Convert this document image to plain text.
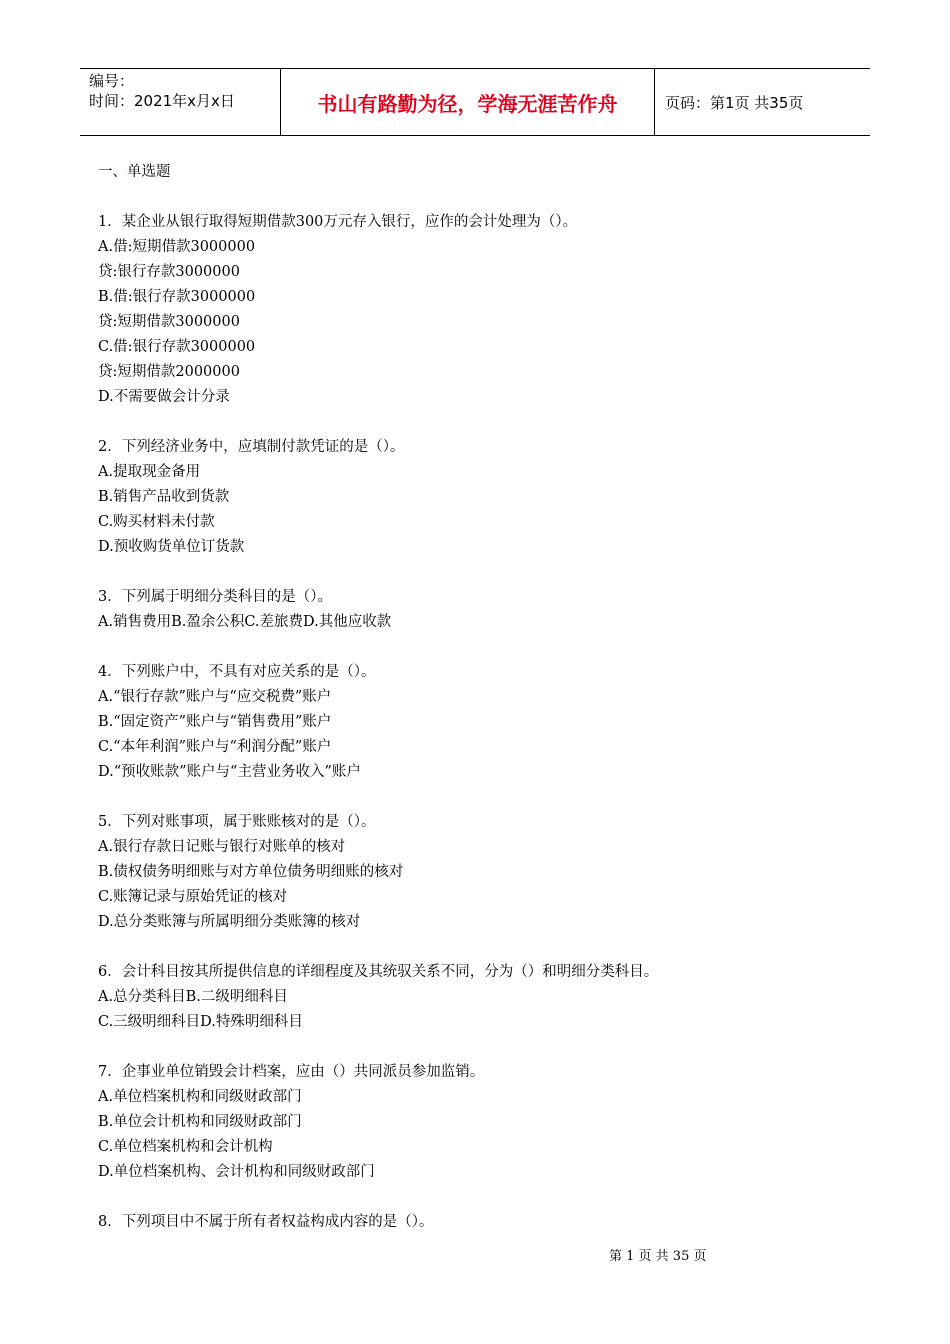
编号：
时间：2021年x月x日	书山有路勤为径，学海无涯苦作舟	页码：第1页 共35页
一、单选题
1．某企业从银行取得短期借款300万元存入银行，应作的会计处理为（）。
A.借:短期借款3000000
贷:银行存款3000000
B.借:银行存款3000000
贷:短期借款3000000
C.借:银行存款3000000
贷:短期借款2000000
D.不需要做会计分录
2．下列经济业务中，应填制付款凭证的是（）。
A.提取现金备用
B.销售产品收到货款
C.购买材料未付款
D.预收购货单位订货款
3．下列属于明细分类科目的是（）。
A.销售费用B.盈余公积C.差旅费D.其他应收款
4．下列账户中，不具有对应关系的是（）。
A.“银行存款”账户与“应交税费”账户
B.“固定资产”账户与“销售费用”账户
C.“本年利润”账户与“利润分配”账户
D.“预收账款”账户与“主营业务收入”账户
5．下列对账事项，属于账账核对的是（）。
A.银行存款日记账与银行对账单的核对
B.债权债务明细账与对方单位债务明细账的核对
C.账簿记录与原始凭证的核对
D.总分类账簿与所属明细分类账簿的核对
6．会计科目按其所提供信息的详细程度及其统驭关系不同，分为（）和明细分类科目。
A.总分类科目B.二级明细科目
C.三级明细科目D.特殊明细科目
7．企事业单位销毁会计档案，应由（）共同派员参加监销。
A.单位档案机构和同级财政部门
B.单位会计机构和同级财政部门
C.单位档案机构和会计机构
D.单位档案机构、会计机构和同级财政部门
8．下列项目中不属于所有者权益构成内容的是（）。
第 1 页 共 35 页
